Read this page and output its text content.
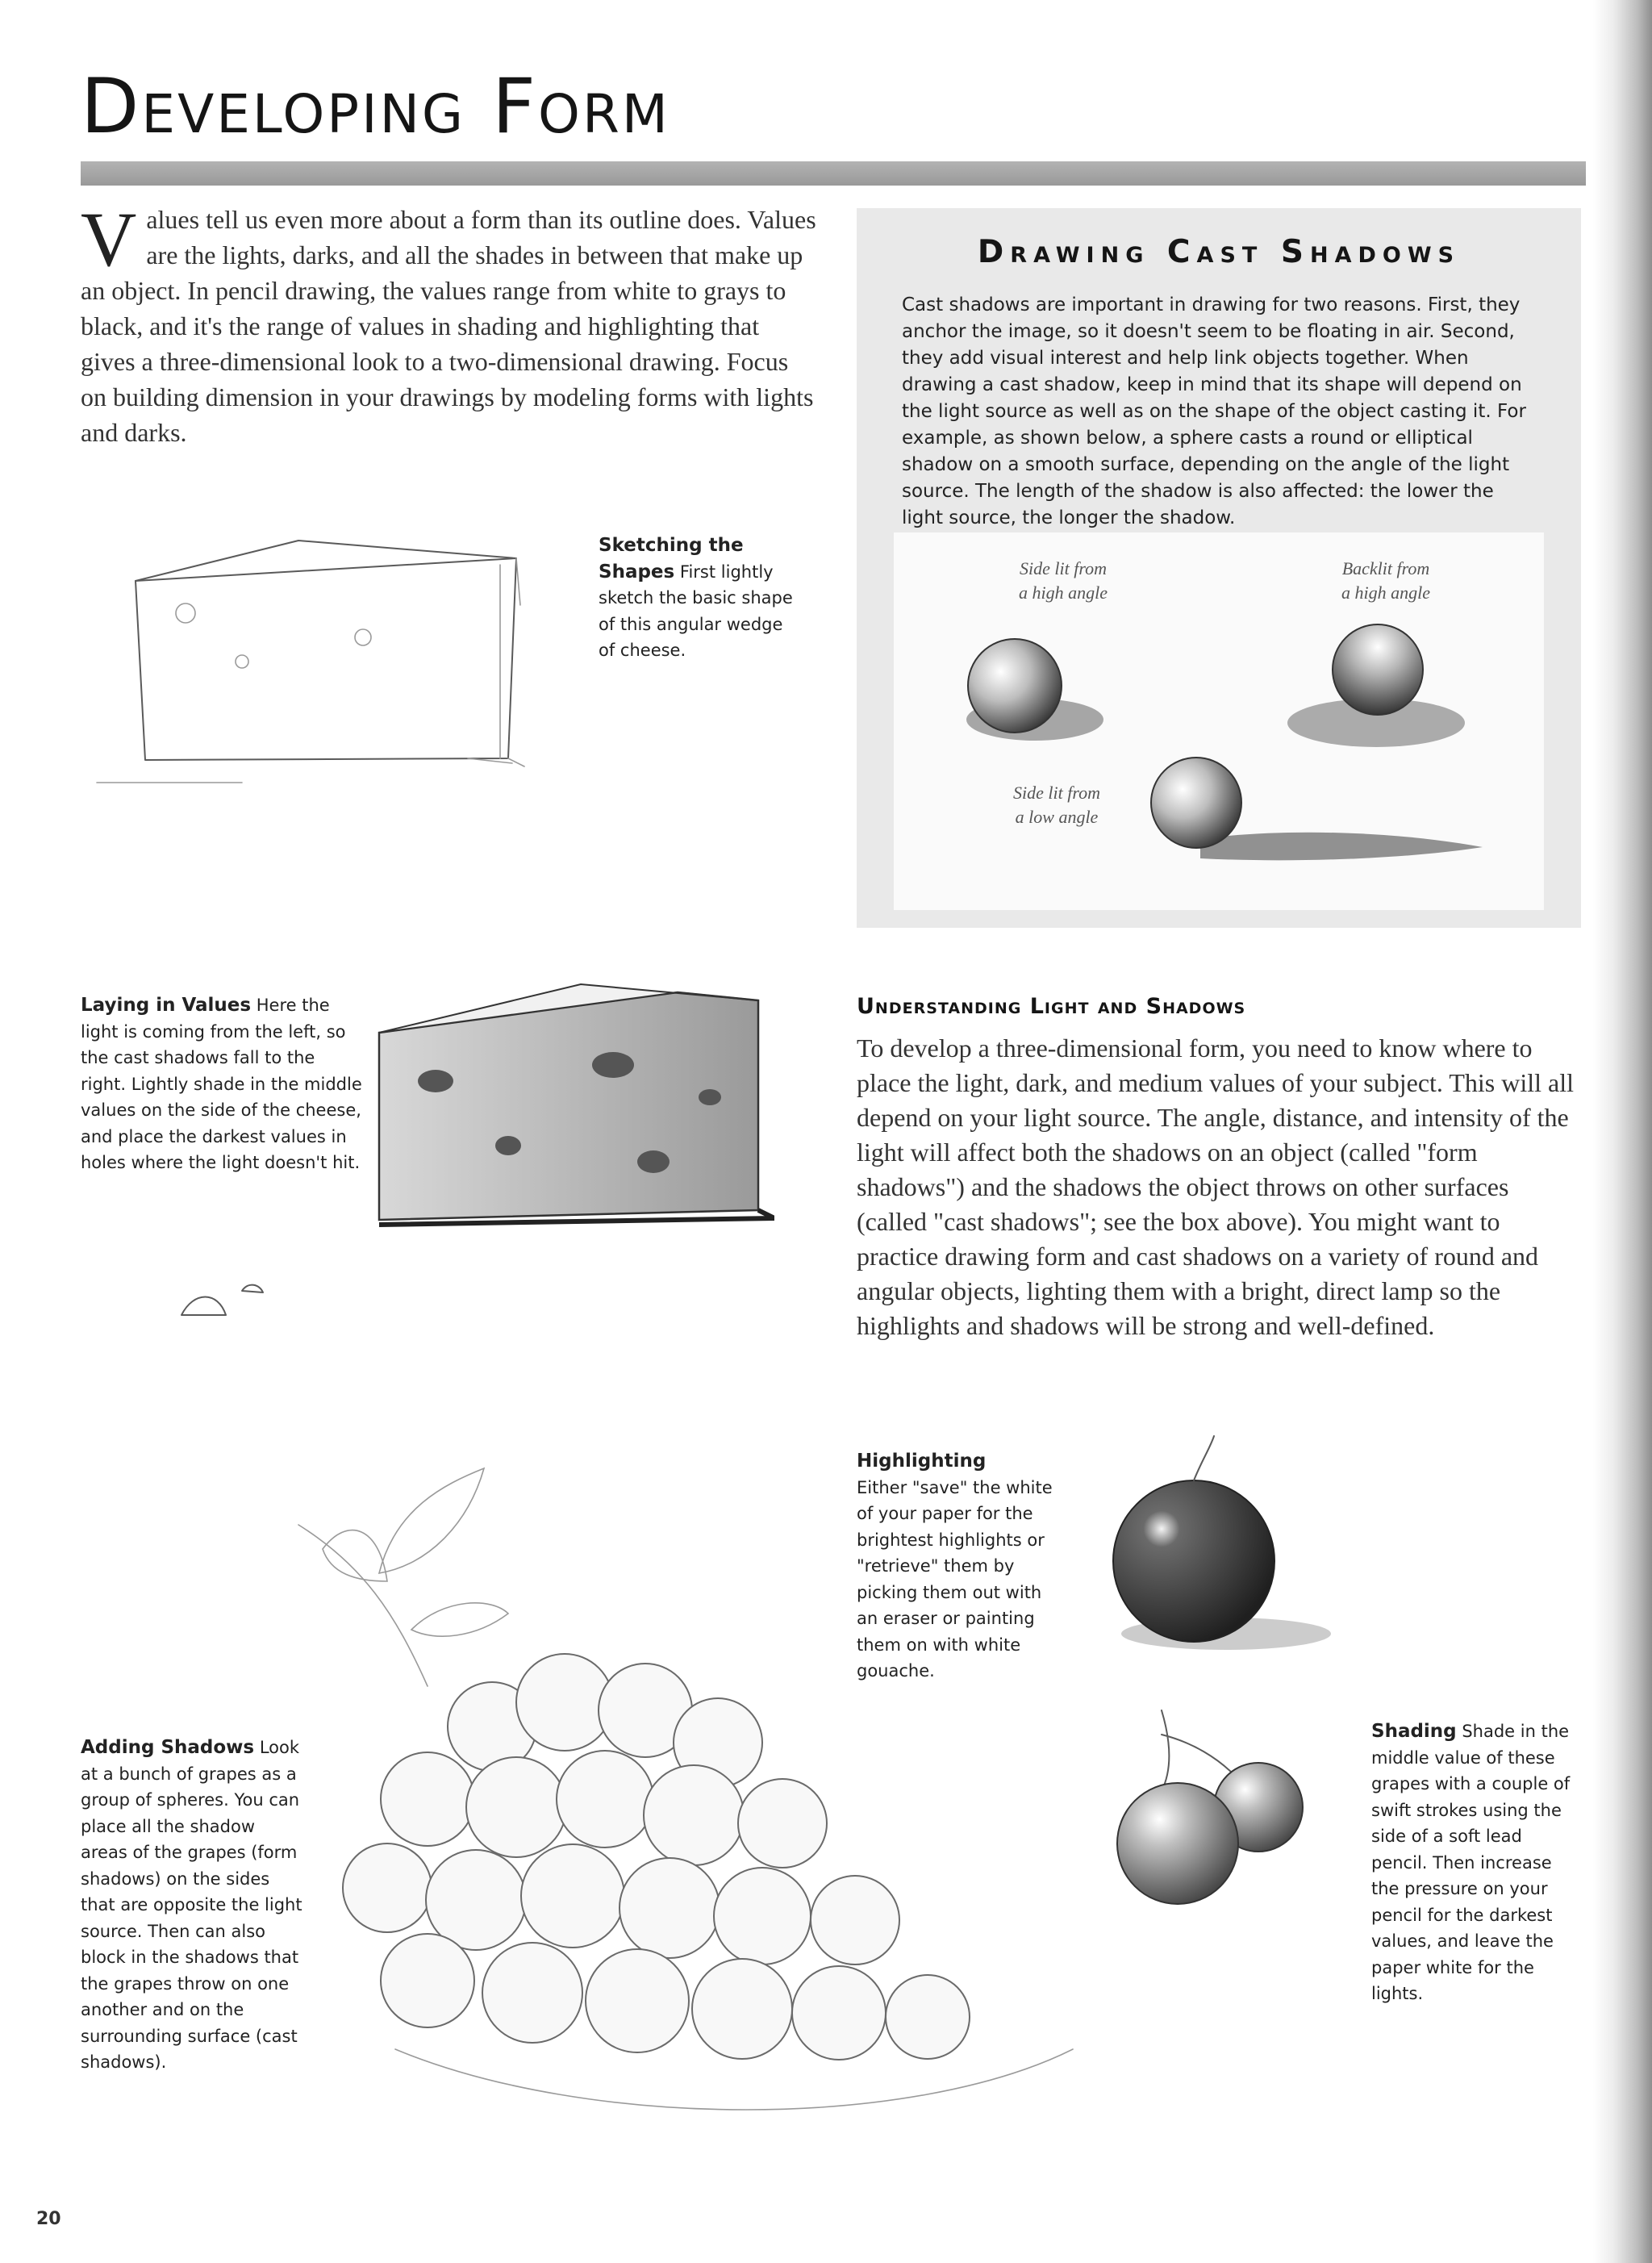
Developing Form

Values tell us even more about a form than its outline does. Values are the lights, darks, and all the shades in between that make up an object. In pencil drawing, the values range from white to grays to black, and it's the range of values in shading and highlighting that gives a three-dimensional look to a two-dimensional drawing. Focus on building dimension in your drawings by modeling forms with lights and darks.

Drawing Cast Shadows

Cast shadows are important in drawing for two reasons. First, they anchor the image, so it doesn't seem to be floating in air. Second, they add visual interest and help link objects together. When drawing a cast shadow, keep in mind that its shape will depend on the light source as well as on the shape of the object casting it. For example, as shown below, a sphere casts a round or elliptical shadow on a smooth surface, depending on the angle of the light source. The length of the shadow is also affected: the lower the light source, the longer the shadow.

Side lit from
a high angle
Backlit from
a high angle
Side lit from
a low angle

Sketching the Shapes First lightly sketch the basic shape of this angular wedge of cheese.

Laying in Values Here the light is coming from the left, so the cast shadows fall to the right. Lightly shade in the middle values on the side of the cheese, and place the darkest values in holes where the light doesn't hit.

Understanding Light and Shadows

To develop a three-dimensional form, you need to know where to place the light, dark, and medium values of your subject. This will all depend on your light source. The angle, distance, and intensity of the light will affect both the shadows on an object (called "form shadows") and the shadows the object throws on other surfaces (called "cast shadows"; see the box above). You might want to practice drawing form and cast shadows on a variety of round and angular objects, lighting them with a bright, direct lamp so the highlights and shadows will be strong and well-defined.

Highlighting
Either "save" the white of your paper for the brightest highlights or "retrieve" them by picking them out with an eraser or painting them on with white gouache.

Adding Shadows Look at a bunch of grapes as a group of spheres. You can place all the shadow areas of the grapes (form shadows) on the sides that are opposite the light source. Then can also block in the shadows that the grapes throw on one another and on the surrounding surface (cast shadows).

Shading Shade in the middle value of these grapes with a couple of swift strokes using the side of a soft lead pencil. Then increase the pressure on your pencil for the darkest values, and leave the paper white for the lights.

20
